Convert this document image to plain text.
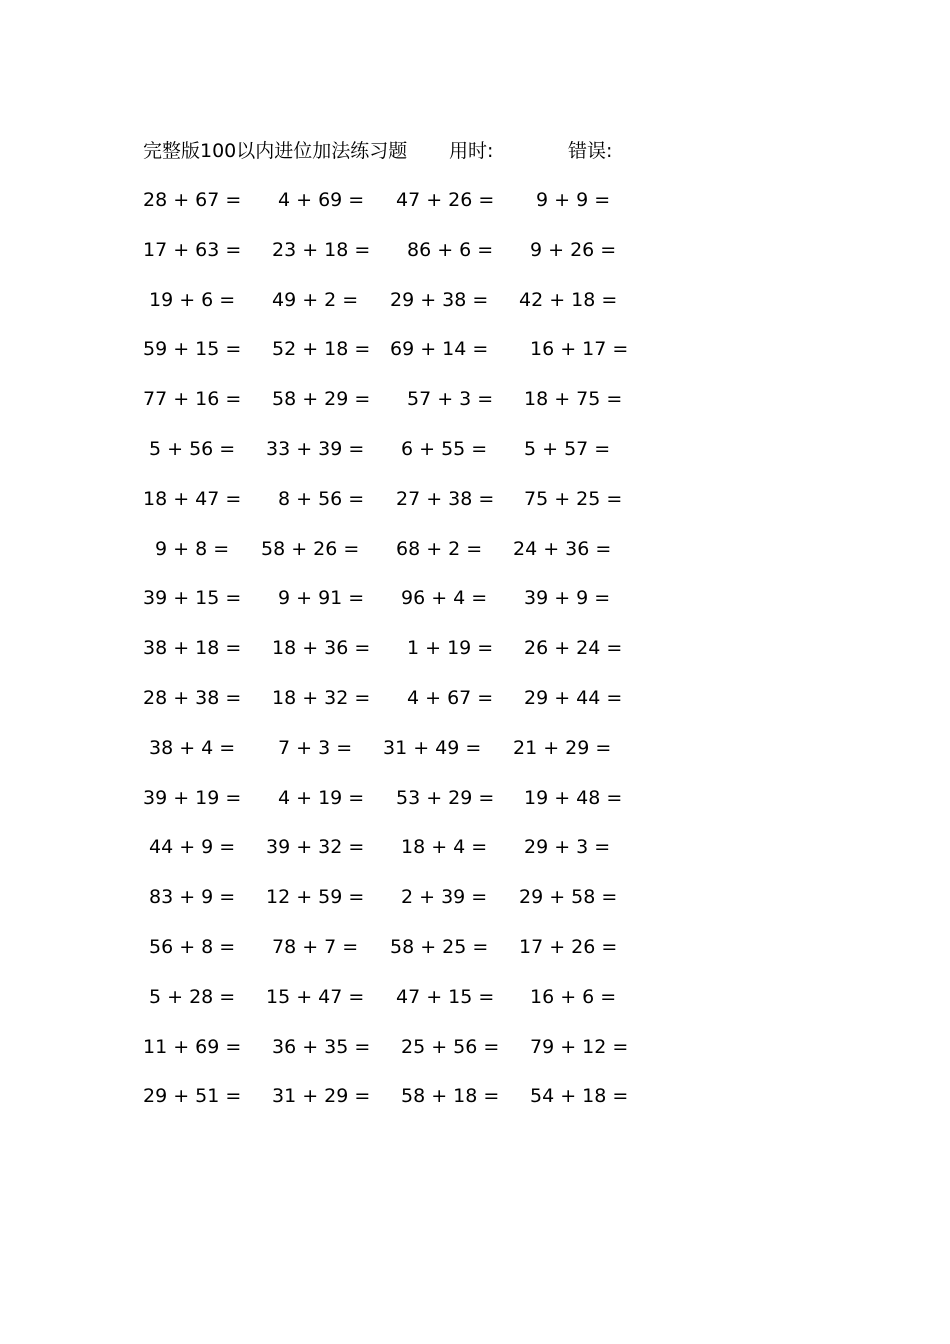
完整版100以内进位加法练习题 用时:	错误:
28 + 67 = 4 + 69 = 47 + 26 = 9 + 9 =
17 + 63 = 23 + 18 = 86 + 6 = 9 + 26 =
19 + 6 = 49 + 2 = 29 + 38 = 42 + 18 =
59 + 15 = 52 + 18 = 69 + 14 = 16 + 17 =
77 + 16 = 58 + 29 = 57 + 3 = 18 + 75 =
5 + 56 = 33 + 39 = 6 + 55 = 5 + 57 =
18 + 47 = 8 + 56 = 27 + 38 = 75 + 25 =
9 + 8 = 58 + 26 = 68 + 2 = 24 + 36 =
39 + 15 = 9 + 91 = 96 + 4 = 39 + 9 =
38 + 18 = 18 + 36 = 1 + 19 = 26 + 24 =
28 + 38 = 18 + 32 = 4 + 67 = 29 + 44 =
38 + 4 = 7 + 3 = 31 + 49 = 21 + 29 =
39 + 19 = 4 + 19 = 53 + 29 = 19 + 48 =
44 + 9 = 39 + 32 = 18 + 4 = 29 + 3 =
83 + 9 = 12 + 59 = 2 + 39 = 29 + 58 =
56 + 8 = 78 + 7 = 58 + 25 = 17 + 26 =
5 + 28 = 15 + 47 = 47 + 15 = 16 + 6 =
11 + 69 = 36 + 35 = 25 + 56 = 79 + 12 =
29 + 51 = 31 + 29 = 58 + 18 = 54 + 18 =
